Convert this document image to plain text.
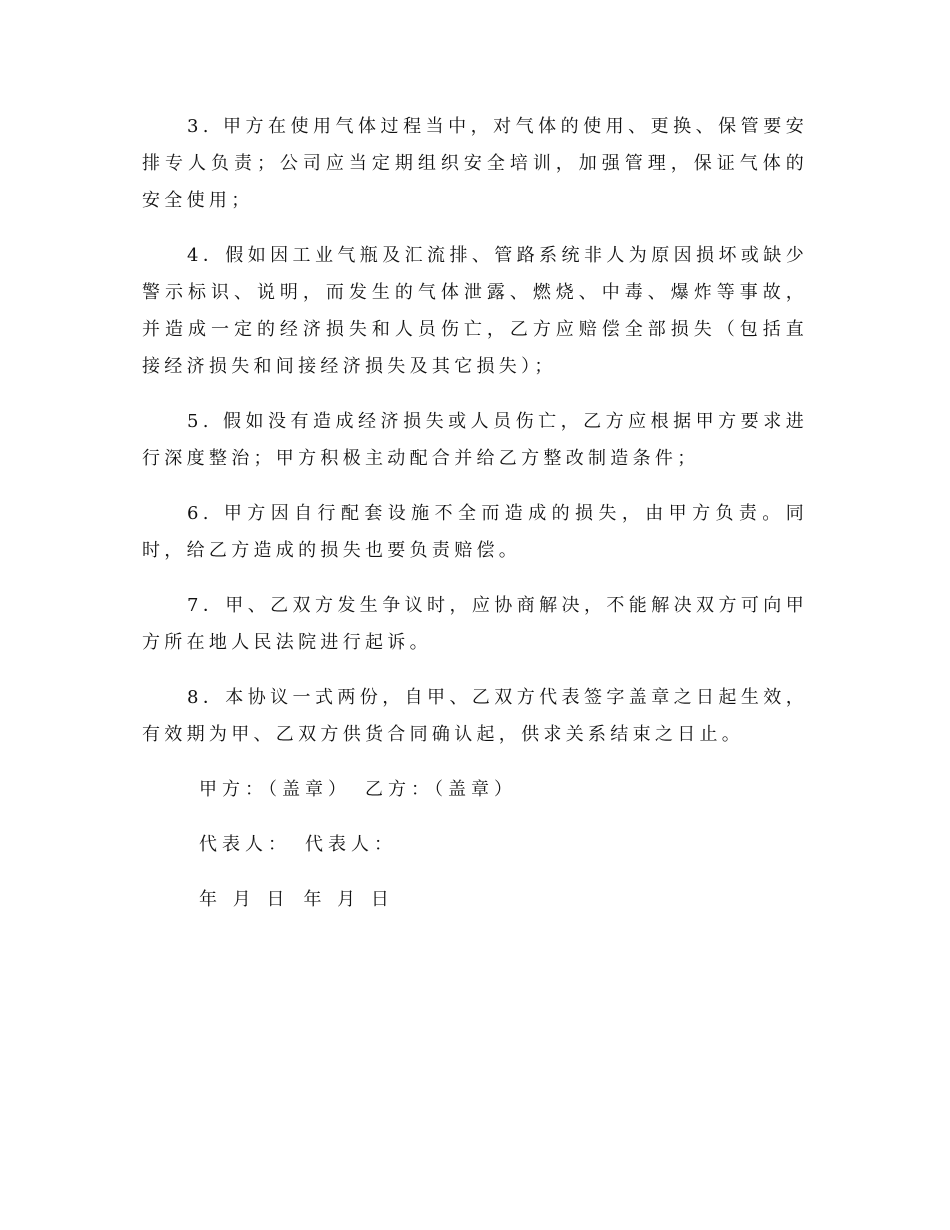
3. 甲方在使用气体过程当中，对气体的使用、更换、保管要安排专人负责；公司应当定期组织安全培训，加强管理，保证气体的安全使用；

4．假如因工业气瓶及汇流排、管路系统非人为原因损坏或缺少警示标识、说明，而发生的气体泄露、燃烧、中毒、爆炸等事故，并造成一定的经济损失和人员伤亡，乙方应赔偿全部损失（包括直接经济损失和间接经济损失及其它损失）；

5. 假如没有造成经济损失或人员伤亡，乙方应根据甲方要求进行深度整治；甲方积极主动配合并给乙方整改制造条件；

6. 甲方因自行配套设施不全而造成的损失，由甲方负责。同时，给乙方造成的损失也要负责赔偿。

7．甲、乙双方发生争议时，应协商解决，不能解决双方可向甲方所在地人民法院进行起诉。

8．本协议一式两份，自甲、乙双方代表签字盖章之日起生效，有效期为甲、乙双方供货合同确认起，供求关系结束之日止。

甲方：（盖章） 乙方：（盖章）
代表人： 代表人：
年 月 日 年 月 日
